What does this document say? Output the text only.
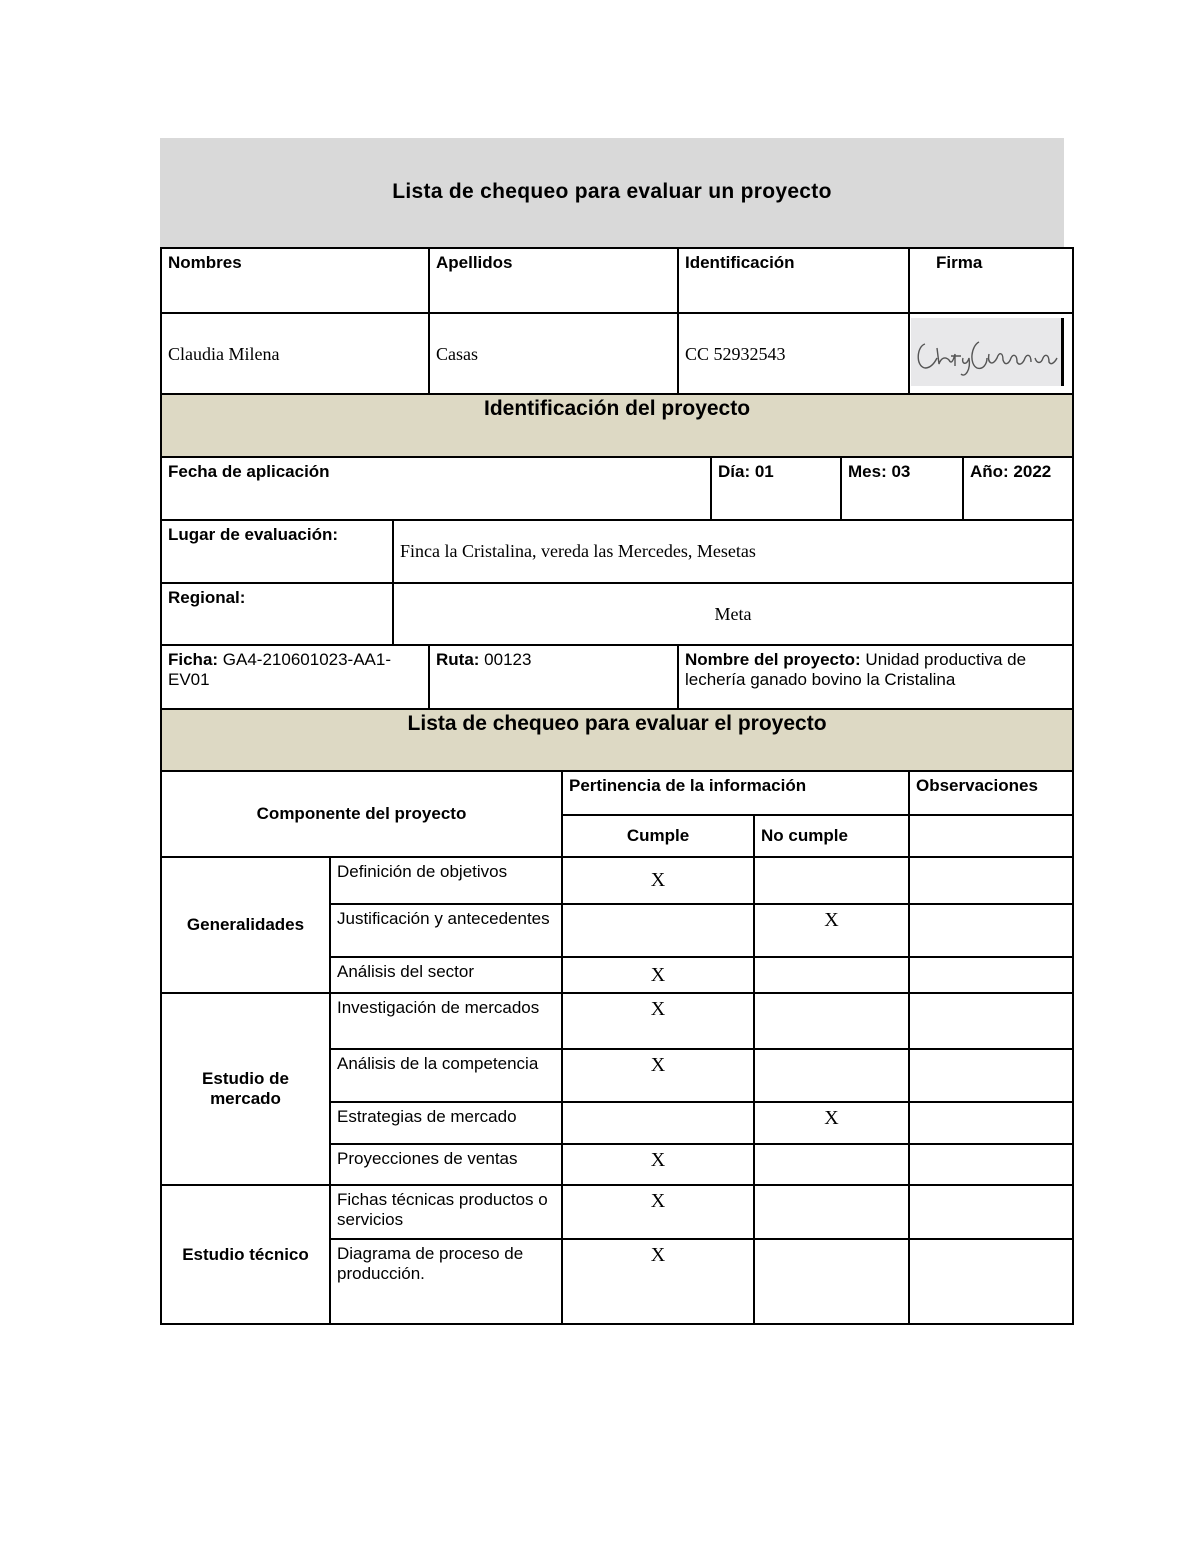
Lista de chequeo para evaluar un proyecto
Nombres	Apellidos	Identificación	Firma
Claudia Milena	Casas	CC 52932543	
Identificación del proyecto						
Fecha de aplicación				Día: 01	Mes: 03	Año: 2022
Lugar de evaluación:	Finca la Cristalina, vereda las Mercedes, Mesetas					
Regional:	Meta					
Ficha: GA4-210601023-AA1-EV01		Ruta: 00123	Nombre del proyecto: Unidad productiva de lechería ganado bovino la Cristalina			
Lista de chequeo para evaluar el proyecto						
Componente del proyecto		Pertinencia de la información		Observaciones
		Cumple	No cumple	
Generalidades	Definición de objetivos	X		
	Justificación y antecedentes		X	
	Análisis del sector	X		
Estudio de mercado	Investigación de mercados	X		
	Análisis de la competencia	X		
	Estrategias de mercado		X	
	Proyecciones de ventas	X		
Estudio técnico	Fichas técnicas productos o servicios	X		
	Diagrama de proceso de producción.	X		
